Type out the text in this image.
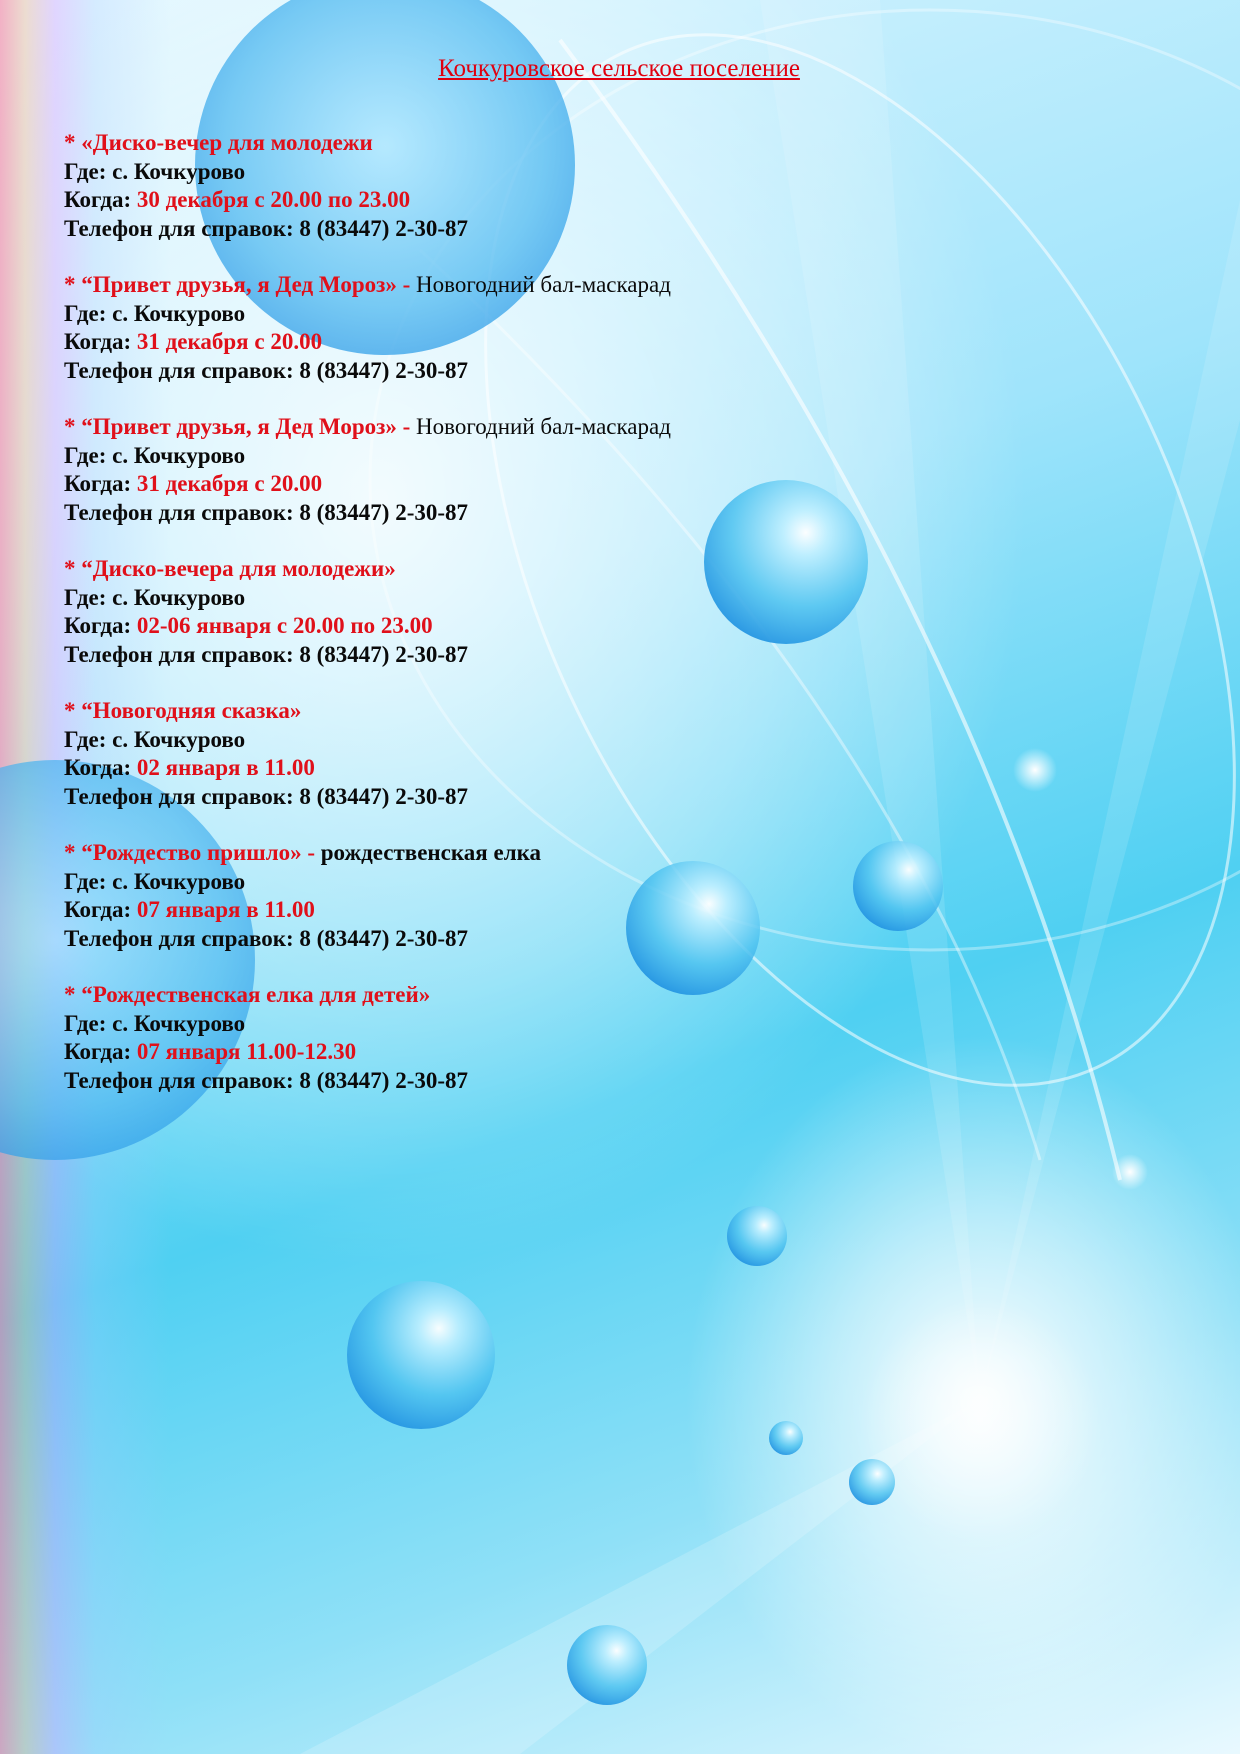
Кочкуровское сельское поселение
* «Диско-вечер для молодежи
Где: с. Кочкурово
Когда: 30 декабря с 20.00 по 23.00
Телефон для справок: 8 (83447) 2-30-87
* “Привет друзья, я Дед Мороз» - Новогодний бал-маскарад
Где: с. Кочкурово
Когда: 31 декабря с 20.00
Телефон для справок: 8 (83447) 2-30-87
* “Привет друзья, я Дед Мороз» - Новогодний бал-маскарад
Где: с. Кочкурово
Когда: 31 декабря с 20.00
Телефон для справок: 8 (83447) 2-30-87
* “Диско-вечера для молодежи»
Где: с. Кочкурово
Когда: 02-06 января с 20.00 по 23.00
Телефон для справок: 8 (83447) 2-30-87
* “Новогодняя сказка»
Где: с. Кочкурово
Когда: 02 января в 11.00
Телефон для справок: 8 (83447) 2-30-87
* “Рождество пришло» - рождественская елка
Где: с. Кочкурово
Когда: 07 января в 11.00
Телефон для справок: 8 (83447) 2-30-87
* “Рождественская елка для детей»
Где: с. Кочкурово
Когда: 07 января 11.00-12.30
Телефон для справок: 8 (83447) 2-30-87
